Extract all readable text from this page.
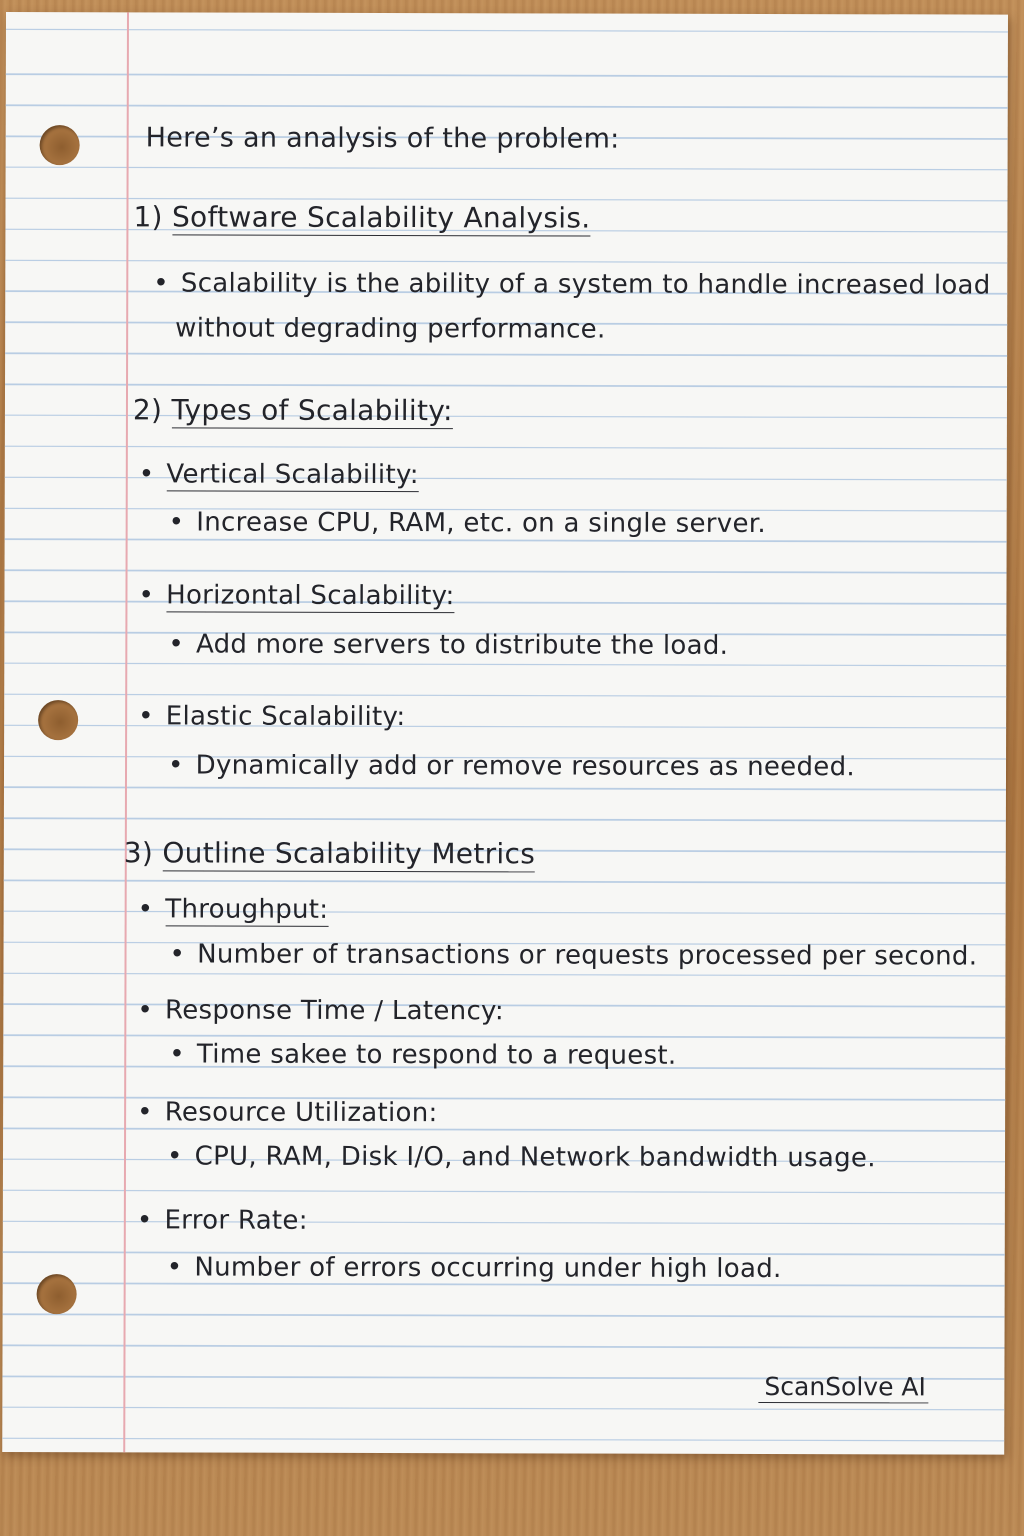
Here’s an analysis of the problem:

1) Software Scalability Analysis.

• Scalability is the ability of a system to handle increased load

without degrading performance.

2) Types of Scalability:

• Vertical Scalability:

• Increase CPU, RAM, etc. on a single server.

• Horizontal Scalability:

• Add more servers to distribute the load.

• Elastic Scalability:

• Dynamically add or remove resources as needed.

3) Outline Scalability Metrics

• Throughput:

• Number of transactions or requests processed per second.

• Response Time / Latency:

• Time sakee to respond to a request.

• Resource Utilization:

• CPU, RAM, Disk I/O, and Network bandwidth usage.

• Error Rate:

• Number of errors occurring under high load.

ScanSolve AI
